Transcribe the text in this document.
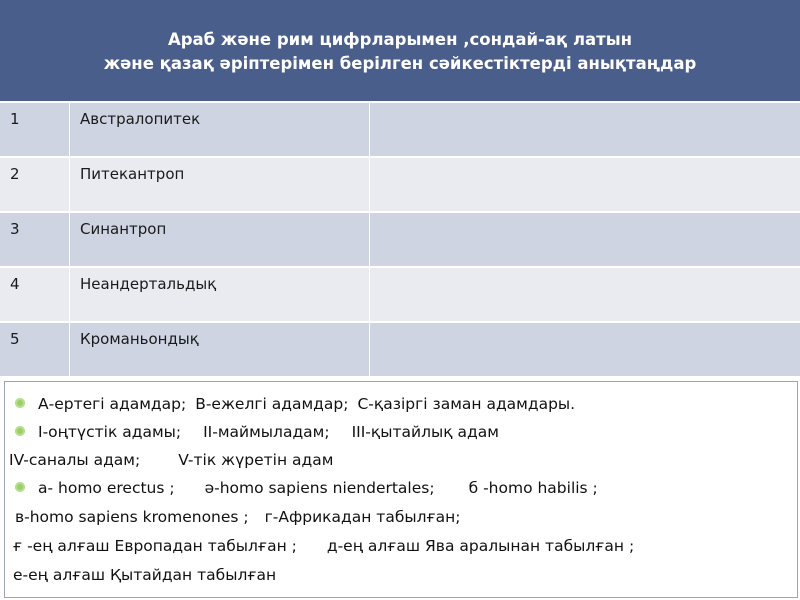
Араб және рим цифрларымен ,сондай-ақ латын
және қазақ әріптерімен берілген сәйкестіктерді анықтаңдар
1	Австралопитек
2	Питекантроп
3	Синантроп
4	Неандертальдық
5	Кроманьондық
А-ертегі адамдар; В-ежелгі адамдар; С-қазіргі заман адамдары.
І-оңтүстік адамы; ІІ-маймыладам; ІІІ-қытайлық адам
ІV-саналы адам; V-тік жүретін адам
а- homo erectus ; ә-homo sapiens niendertales; б -homo habilis ;
в-homo sapiens kromenones ; г-Африкадан табылған;
ғ -ең алғаш Европадан табылған ; д-ең алғаш Ява аралынан табылған ;
е-ең алғаш Қытайдан табылған
